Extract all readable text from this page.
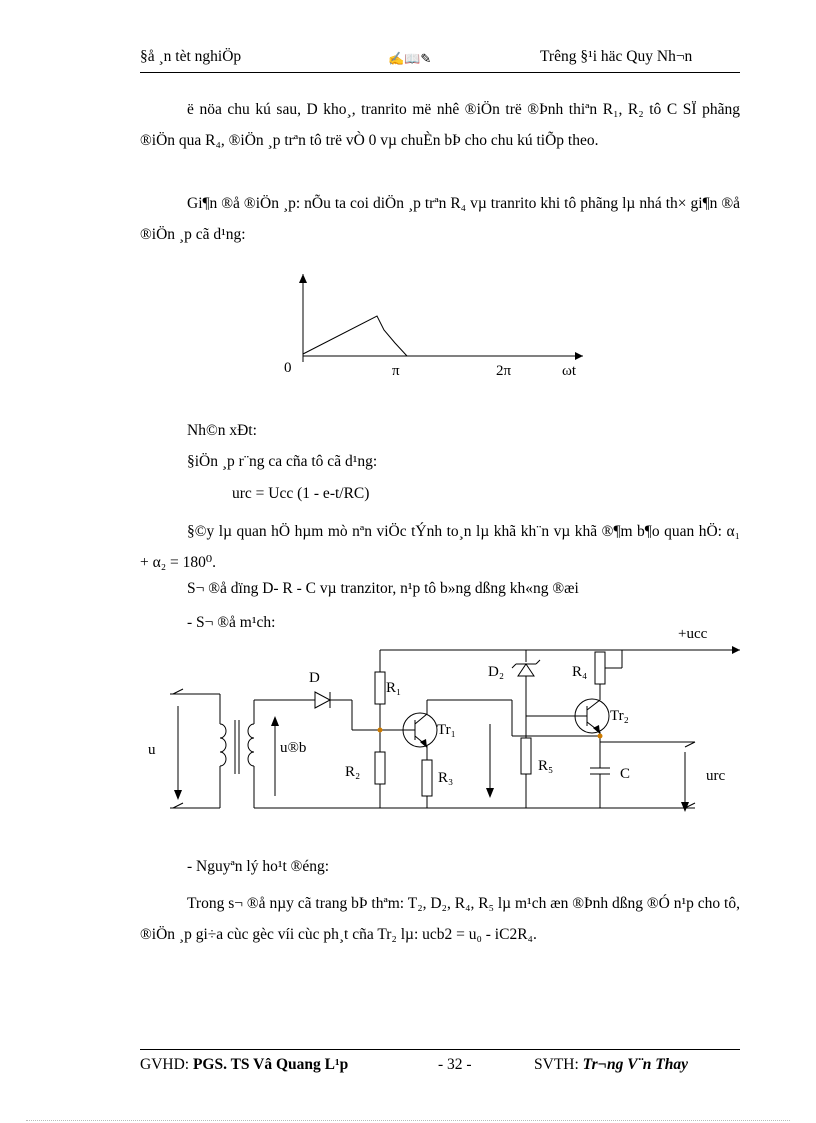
§å ¸n tèt nghiÖp	✍📖✎	Trêng §¹i häc Quy Nh¬n

ë nöa chu kú sau, D kho¸, tranrito më nhê ®iÖn trë ®Þnh thiªn R₁, R₂ tô C SÏ phãng ®iÖn qua R₄, ®iÖn ¸p trªn tô trë vÒ 0 vµ chuÈn bÞ cho chu kú tiÕp theo.

Gi¶n ®å ®iÖn ¸p: nÕu ta coi diÖn ¸p trªn R₄ vµ tranrito khi tô phãng lµ nhá th× gi¶n ®å ®iÖn ¸p cã d¹ng:

0	π	2π	ωt
Nh©n xÐt:
§iÖn ¸p r¨ng ca cña tô cã d¹ng:
urc = Ucc (1 - e-t/RC)

§©y lµ quan hÖ hµm mò nªn viÖc tÝnh to¸n lµ khã kh¨n vµ khã ®¶m b¶o quan hÖ: α₁ + α₂ = 180⁰.

S¬ ®å dïng D- R - C vµ tranzitor, n¹p tô b»ng dßng kh«ng ®æi
- S¬ ®å m¹ch:
+ucc
D	D₂
R₁
R₂	R₃
R₄
R₅
Tr₁
Tr₂
C
u	u®b
urc
- Nguyªn lý ho¹t ®éng:

Trong s¬ ®å nµy cã trang bÞ thªm: T₂, D₂, R₄, R₅ lµ m¹ch æn ®Þnh dßng ®Ó n¹p cho tô, ®iÖn ¸p gi÷a cùc gèc víi cùc ph¸t cña Tr₂ lµ: ucb2 = u₀ - iC2R₄.

GVHD: PGS. TS Vâ Quang L¹p	- 32 -	SVTH: Tr¬ng V¨n Thay
